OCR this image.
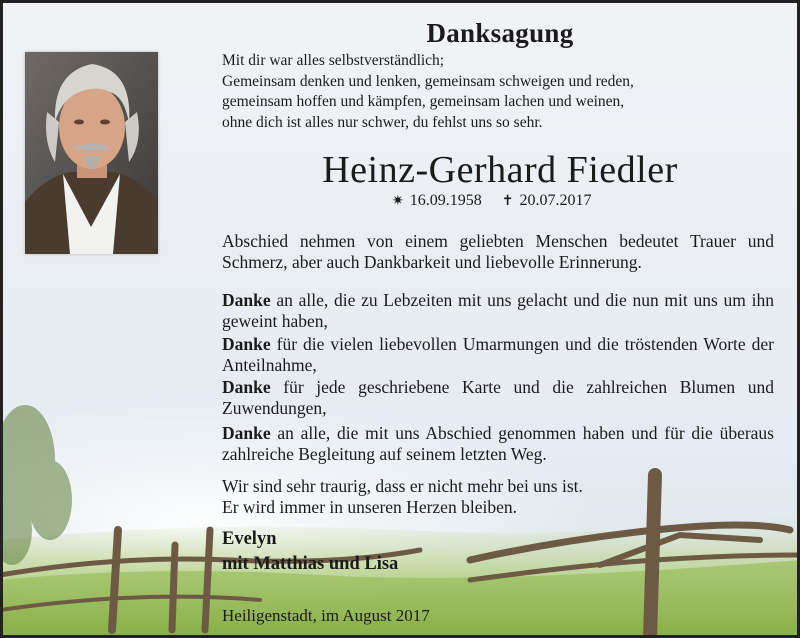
Danksagung
Mit dir war alles selbstverständlich;
Gemeinsam denken und lenken, gemeinsam schweigen und reden,
gemeinsam hoffen und kämpfen, gemeinsam lachen und weinen,
ohne dich ist alles nur schwer, du fehlst uns so sehr.
Heinz-Gerhard Fiedler
✷ 16.09.1958 ✝ 20.07.2017
Abschied nehmen von einem geliebten Menschen bedeutet Trauer und Schmerz, aber auch Dankbarkeit und liebevolle Erinnerung.
Danke an alle, die zu Lebzeiten mit uns gelacht und die nun mit uns um ihn geweint haben,
Danke für die vielen liebevollen Umarmungen und die tröstenden Worte der Anteilnahme,
Danke für jede geschriebene Karte und die zahlreichen Blumen und Zuwendungen,
Danke an alle, die mit uns Abschied genommen haben und für die überaus zahlreiche Begleitung auf seinem letzten Weg.
Wir sind sehr traurig, dass er nicht mehr bei uns ist.
Er wird immer in unseren Herzen bleiben.
Evelyn
mit Matthias und Lisa
Heiligenstadt, im August 2017
